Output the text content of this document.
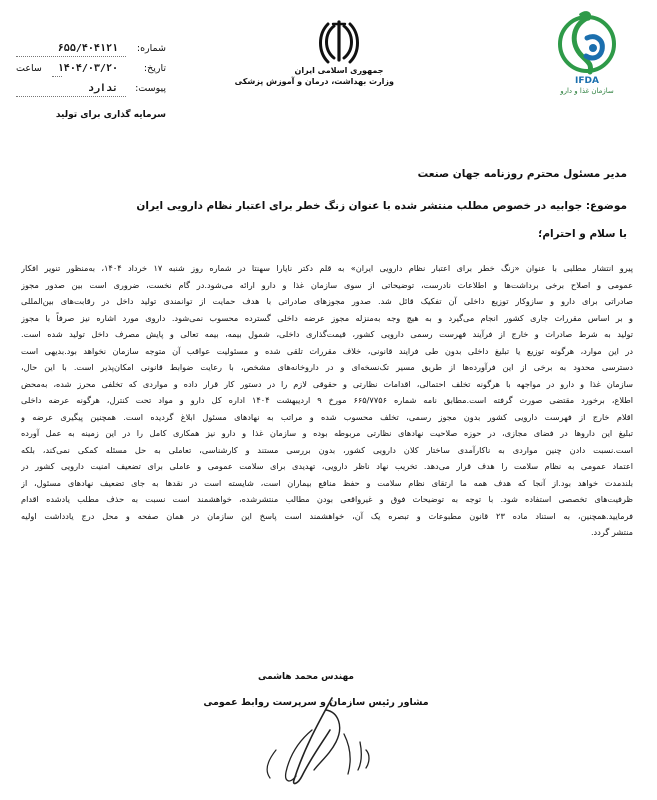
IFDA
سازمان غذا و دارو
جمهوری اسلامی ایران
وزارت بهداشت، درمان و آموزش پزشکی
شماره:
۶۵۵/۴۰۴۱۲۱
تاریخ:
۱۴۰۴/۰۳/۲۰
ساعت
پیوست:
ندارد
سرمایه گذاری برای تولید
مدیر مسئول محترم روزنامه جهان صنعت
موضوع: جوابیه در خصوص مطلب منتشر شده با عنوان زنگ خطر برای اعتبار نظام دارویی ایران
با سلام و احترام؛
پیرو انتشار مطلبی با عنوان «زنگ خطر برای اعتبار نظام دارویی ایران» به قلم دکتر نایارا سهنتا در شماره روز شنبه ۱۷ خرداد ۱۴۰۴، بەمنظور تنویر افکار
عمومی و اصلاح برخی برداشت‌ها و اطلاعات نادرست، توضیحاتی از سوی سازمان غذا و دارو ارائه می‌شود.در گام نخست، ضروری است بین صدور مجوز
صادراتی برای دارو و سازوکار توزیع داخلی آن تفکیک قائل شد. صدور مجوزهای صادراتی با هدف حمایت از توانمندی تولید داخل در رقابت‌های بین‌المللی
و بر اساس مقررات جاری کشور انجام می‌گیرد و به هیچ وجه به‌منزله مجوز عرضه داخلی گسترده محسوب نمی‌شود. داروی مورد اشاره نیز صرفاً با مجوز
تولید به شرط صادرات و خارج از فرآیند فهرست رسمی دارویی کشور، قیمت‌گذاری داخلی، شمول بیمه، بیمه تعالی و پایش مصرف داخل تولید شده است.
در این موارد، هرگونه توزیع یا تبلیغ داخلی بدون طی فرایند قانونی، خلاف مقررات تلقی شده و مسئولیت عواقب آن متوجه سازمان نخواهد بود.بدیهی است
دسترسی محدود به برخی از این فرآورده‌ها از طریق مسیر تک‌نسخه‌ای و در داروخانه‌های مشخص، با رعایت ضوابط قانونی امکان‌پذیر است. با این حال،
سازمان غذا و دارو در مواجهه با هرگونه تخلف احتمالی، اقدامات نظارتی و حقوقی لازم را در دستور کار قرار داده و مواردی که تخلفی محرز شده، به‌محض
اطلاع، برخورد مقتضی صورت گرفته است.مطابق نامه شماره ۶۶۵/۷۷۵۶ مورخ ۹ اردیبهشت ۱۴۰۴ اداره کل دارو و مواد تحت کنترل، هرگونه عرضه داخلی
اقلام خارج از فهرست دارویی کشور بدون مجوز رسمی، تخلف محسوب شده و مراتب به نهادهای مسئول ابلاغ گردیده است. همچنین پیگیری عرضه و
تبلیغ این داروها در فضای مجازی، در حوزه صلاحیت نهادهای نظارتی مربوطه بوده و سازمان غذا و دارو نیز همکاری کامل را در این زمینه به عمل آورده
است.نسبت دادن چنین مواردی به ناکارآمدی ساختار کلان دارویی کشور، بدون بررسی مستند و کارشناسی، تعاملی به حل مسئله کمکی نمی‌کند، بلکه
اعتماد عمومی به نظام سلامت را هدف قرار می‌دهد. تخریب نهاد ناظر دارویی، تهدیدی برای سلامت عمومی و عاملی برای تضعیف امنیت دارویی کشور در
بلندمدت خواهد بود.از آنجا که هدف همه ما ارتقای نظام سلامت و حفظ منافع بیماران است، شایسته است در نقدها به جای تضعیف نهادهای مسئول، از
ظرفیت‌های تخصصی استفاده شود. با توجه به توضیحات فوق و غیرواقعی بودن مطالب منتشرشده، خواهشمند است نسبت به حذف مطلب یادشده اقدام
فرمایید.همچنین، به استناد ماده ۲۳ قانون مطبوعات و تبصره یک آن، خواهشمند است پاسخ این سازمان در همان صفحه و محل درج یادداشت اولیه
منتشر گردد.
مهندس محمد هاشمی
مشاور رئیس سازمان و سرپرست روابط عمومی
